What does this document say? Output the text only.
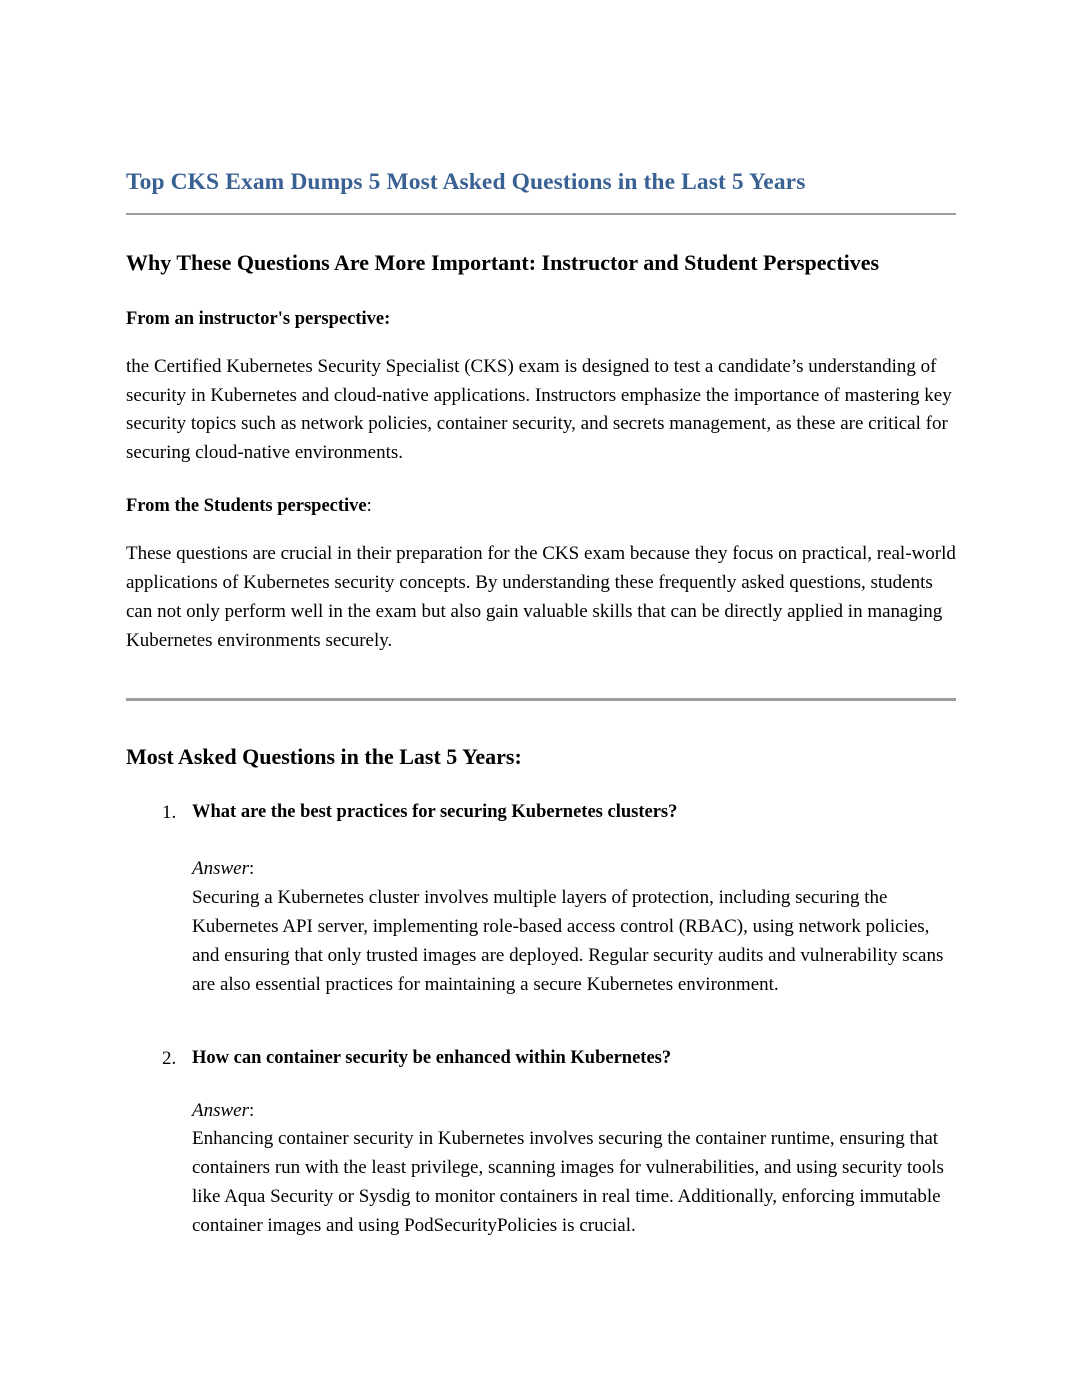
Top CKS Exam Dumps 5 Most Asked Questions in the Last 5 Years
Why These Questions Are More Important: Instructor and Student Perspectives

From an instructor's perspective:

the Certified Kubernetes Security Specialist (CKS) exam is designed to test a candidate’s understanding of security in Kubernetes and cloud-native applications. Instructors emphasize the importance of mastering key security topics such as network policies, container security, and secrets management, as these are critical for securing cloud-native environments.

From the Students perspective:

These questions are crucial in their preparation for the CKS exam because they focus on practical, real-world applications of Kubernetes security concepts. By understanding these frequently asked questions, students can not only perform well in the exam but also gain valuable skills that can be directly applied in managing Kubernetes environments securely.

Most Asked Questions in the Last 5 Years:
1. What are the best practices for securing Kubernetes clusters?

Answer:
Securing a Kubernetes cluster involves multiple layers of protection, including securing the Kubernetes API server, implementing role-based access control (RBAC), using network policies, and ensuring that only trusted images are deployed. Regular security audits and vulnerability scans are also essential practices for maintaining a secure Kubernetes environment.

2. How can container security be enhanced within Kubernetes?

Answer:
Enhancing container security in Kubernetes involves securing the container runtime, ensuring that containers run with the least privilege, scanning images for vulnerabilities, and using security tools like Aqua Security or Sysdig to monitor containers in real time. Additionally, enforcing immutable container images and using PodSecurityPolicies is crucial.
